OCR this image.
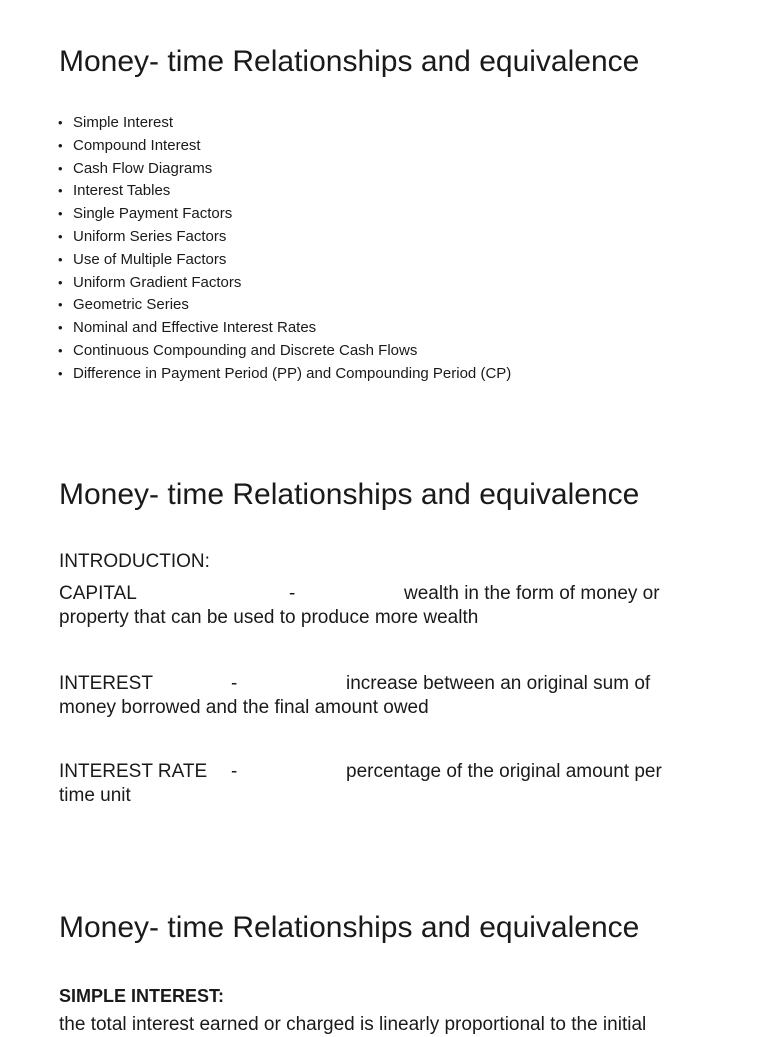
Money- time Relationships and equivalence
• Simple Interest
• Compound Interest
• Cash Flow Diagrams
• Interest Tables
• Single Payment Factors
• Uniform Series Factors
• Use of Multiple Factors
• Uniform Gradient Factors
• Geometric Series
• Nominal and Effective Interest Rates
• Continuous Compounding and Discrete Cash Flows
• Difference in Payment Period (PP) and Compounding Period (CP)
Money- time Relationships and equivalence

INTRODUCTION:

CAPITAL	-	wealth in the form of money or
property that can be used to produce more wealth
INTEREST	-	increase between an original sum of
money borrowed and the final amount owed
INTEREST RATE -	percentage of the original amount per
time unit
Money- time Relationships and equivalence

SIMPLE INTEREST:

the total interest earned or charged is linearly proportional to the initial
